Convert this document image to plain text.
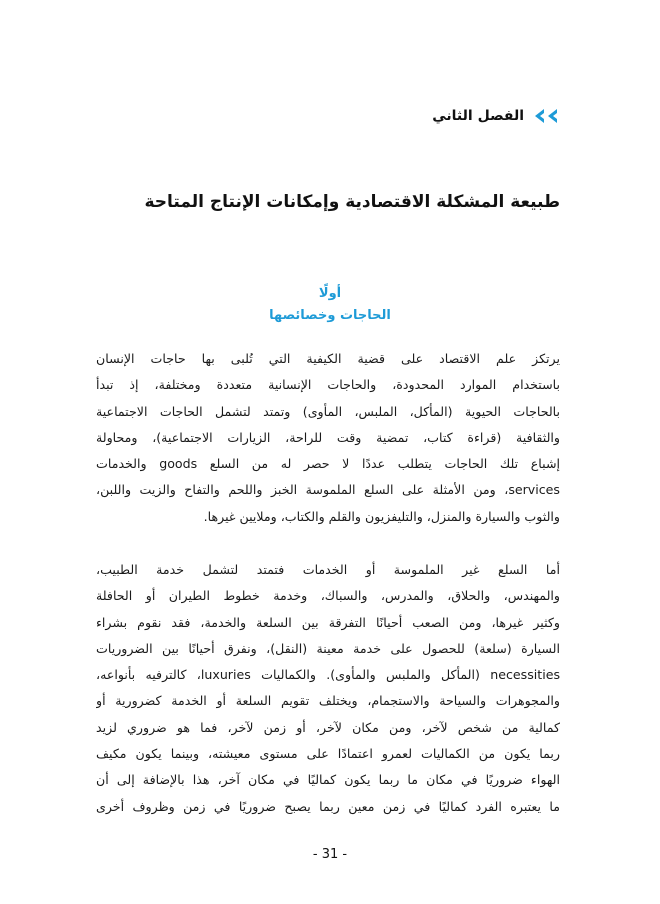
الفصل الثاني
طبيعة المشكلة الاقتصادية وإمكانات الإنتاج المتاحة
أولًا
الحاجات وخصائصها
يرتكز علم الاقتصاد على قضية الكيفية التي تُلبى بها حاجات الإنسان
باستخدام الموارد المحدودة، والحاجات الإنسانية متعددة ومختلفة، إذ تبدأ
بالحاجات الحيوية (المأكل، الملبس، المأوى) وتمتد لتشمل الحاجات الاجتماعية
والثقافية (قراءة كتاب، تمضية وقت للراحة، الزيارات الاجتماعية)، ومحاولة
إشباع تلك الحاجات يتطلب عددًا لا حصر له من السلع goods والخدمات
services، ومن الأمثلة على السلع الملموسة الخبز واللحم والتفاح والزيت واللبن،
والثوب والسيارة والمنزل، والتليفزيون والقلم والكتاب، وملايين غيرها.
أما السلع غير الملموسة أو الخدمات فتمتد لتشمل خدمة الطبيب،
والمهندس، والحلاق، والمدرس، والسباك، وخدمة خطوط الطيران أو الحافلة
وكثير غيرها، ومن الصعب أحيانًا التفرقة بين السلعة والخدمة، فقد نقوم بشراء
السيارة (سلعة) للحصول على خدمة معينة (النقل)، ونفرق أحيانًا بين الضروريات
necessities (المأكل والملبس والمأوى). والكماليات luxuries، كالترفيه بأنواعه،
والمجوهرات والسياحة والاستجمام، ويختلف تقويم السلعة أو الخدمة كضرورية أو
كمالية من شخص لآخر، ومن مكان لآخر، أو زمن لآخر، فما هو ضروري لزيد
ربما يكون من الكماليات لعمرو اعتمادًا على مستوى معيشته، وبينما يكون مكيف
الهواء ضروريًا في مكان ما ربما يكون كماليًا في مكان آخر، هذا بالإضافة إلى أن
ما يعتبره الفرد كماليًا في زمن معين ربما يصبح ضروريًا في زمن وظروف أخرى
- 31 -
